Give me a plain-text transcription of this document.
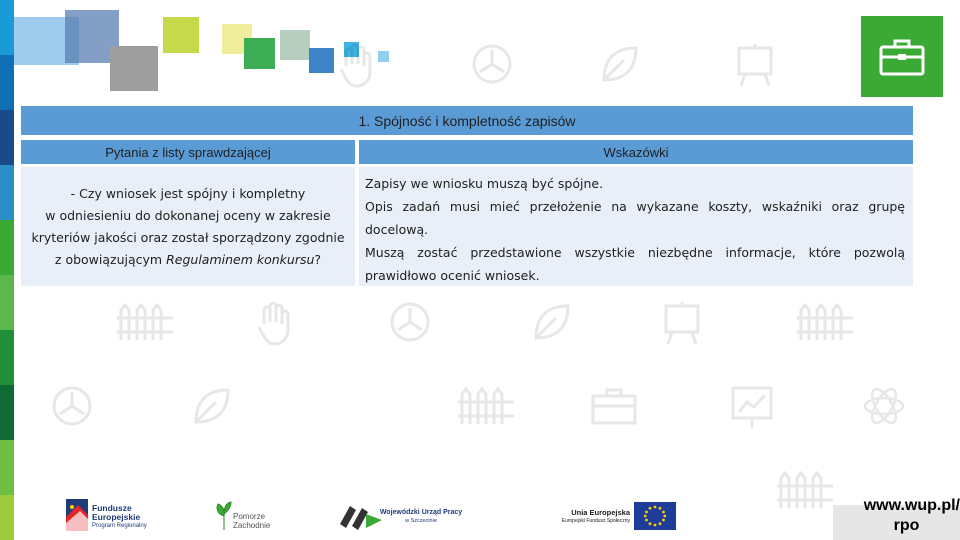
1. Spójność i kompletność zapisów
Pytania z listy sprawdzającej	Wskazówki
- Czy wniosek jest spójny i kompletny
w odniesieniu do dokonanej oceny w zakresie
kryteriów jakości oraz został sporządzony zgodnie
z obowiązującym Regulaminem konkursu?

Zapisy we wniosku muszą być spójne.

Opis zadań musi mieć przełożenie na wykazane koszty, wskaźniki oraz grupę docelową.

Muszą zostać przedstawione wszystkie niezbędne informacje, które pozwolą prawidłowo ocenić wniosek.

Fundusze
Europejskie
Program Regionalny
Pomorze
Zachodnie
Wojewódzki Urząd Pracy
w Szczecinie
Unia Europejska
Europejski Fundusz Społeczny
www.wup.pl/
rpo
